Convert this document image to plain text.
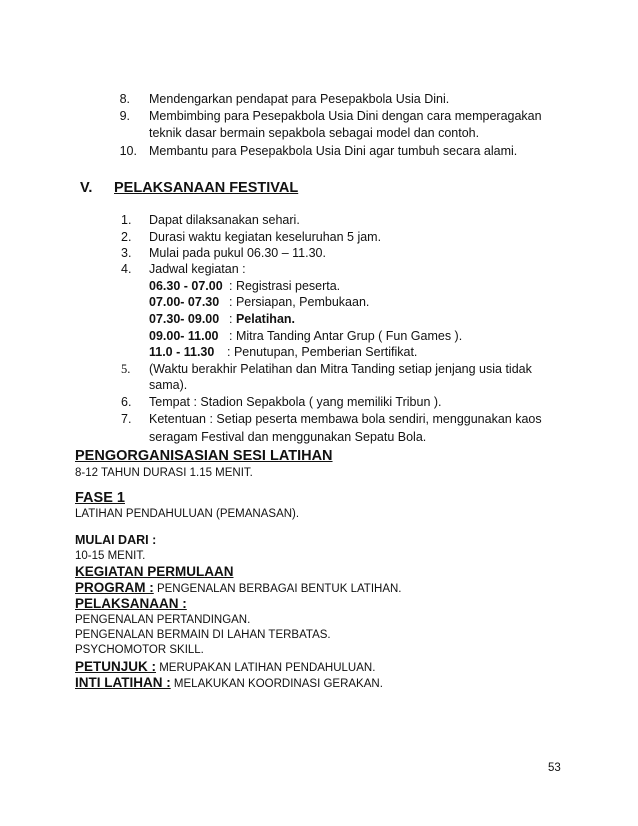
8. Mendengarkan pendapat para Pesepakbola Usia Dini.
9. Membimbing para Pesepakbola Usia Dini dengan cara memperagakan
teknik dasar bermain sepakbola sebagai model dan contoh.
10. Membantu para Pesepakbola Usia Dini agar tumbuh secara alami.
V. PELAKSANAAN FESTIVAL
1. Dapat dilaksanakan sehari.
2. Durasi waktu kegiatan keseluruhan 5 jam.
3. Mulai pada pukul 06.30 – 11.30.
4. Jadwal kegiatan :
06.30 - 07.00 : Registrasi peserta.
07.00- 07.30 : Persiapan, Pembukaan.
07.30- 09.00 : Pelatihan.
09.00- 11.00 : Mitra Tanding Antar Grup ( Fun Games ).
11.0 - 11.30 : Penutupan, Pemberian Sertifikat.
5. (Waktu berakhir Pelatihan dan Mitra Tanding setiap jenjang usia tidak
sama).
6. Tempat : Stadion Sepakbola ( yang memiliki Tribun ).
7. Ketentuan : Setiap peserta membawa bola sendiri, menggunakan kaos
seragam Festival dan menggunakan Sepatu Bola.
PENGORGANISASIAN SESI LATIHAN
8-12 TAHUN DURASI 1.15 MENIT.
FASE 1
LATIHAN PENDAHULUAN (PEMANASAN).
MULAI DARI :
10-15 MENIT.
KEGIATAN PERMULAAN
PROGRAM : PENGENALAN BERBAGAI BENTUK LATIHAN.
PELAKSANAAN :
PENGENALAN PERTANDINGAN.
PENGENALAN BERMAIN DI LAHAN TERBATAS.
PSYCHOMOTOR SKILL.
PETUNJUK : MERUPAKAN LATIHAN PENDAHULUAN.
INTI LATIHAN : MELAKUKAN KOORDINASI GERAKAN.
53
